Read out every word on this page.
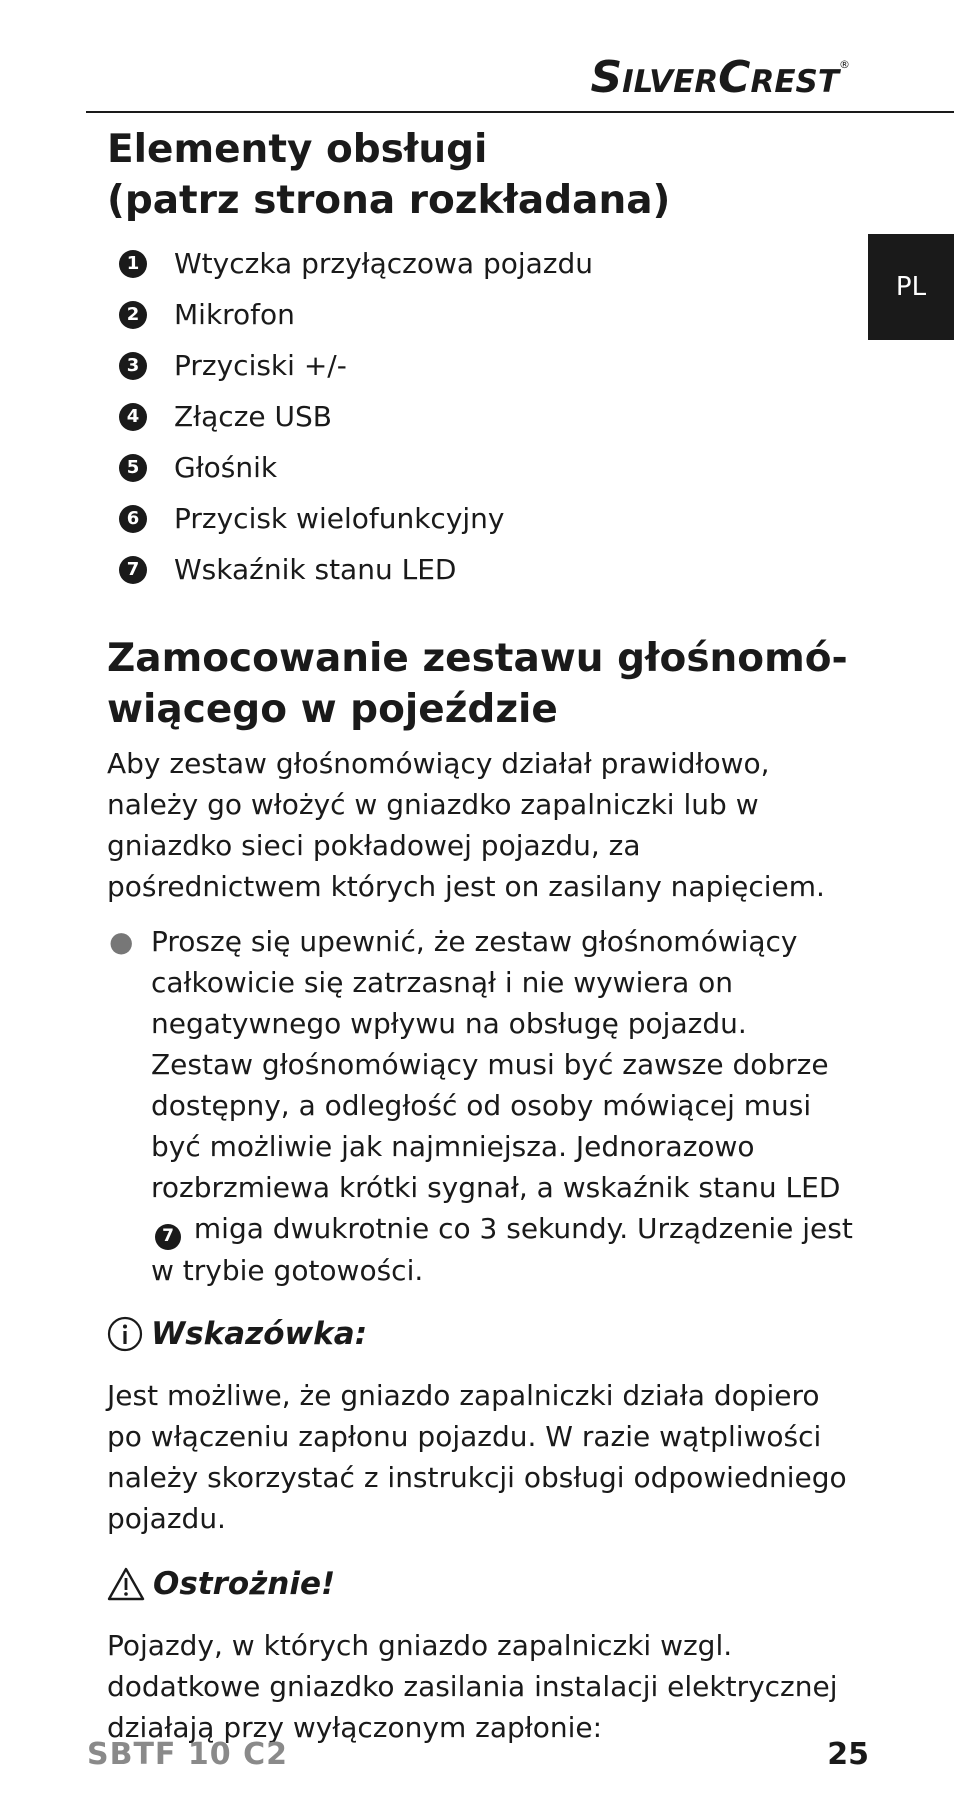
SilverCrest®
PL
Elementy obsługi
(patrz strona rozkładana)
1 Wtyczka przyłączowa pojazdu
2 Mikrofon
3 Przyciski +/-
4 Złącze USB
5 Głośnik
6 Przycisk wielofunkcyjny
7 Wskaźnik stanu LED
Zamocowanie zestawu głośnomó-
wiącego w pojeździe

Aby zestaw głośnomówiący działał prawidłowo, należy go włożyć w gniazdko zapalniczki lub w gniazdko sieci pokładowej pojazdu, za pośrednictwem których jest on zasilany napięciem.

● Proszę się upewnić, że zestaw głośnomówiący całkowicie się zatrzasnął i nie wywiera on negatywnego wpływu na obsługę pojazdu. Zestaw głośnomówiący musi być zawsze dobrze dostępny, a odległość od osoby mówiącej musi być możliwie jak najmniejsza. Jednorazowo rozbrzmiewa krótki sygnał, a wskaźnik stanu LED 7 miga dwukrotnie co 3 sekundy. Urządzenie jest w trybie gotowości.

Wskazówka:

Jest możliwe, że gniazdo zapalniczki działa dopiero po włączeniu zapłonu pojazdu. W razie wątpliwości należy skorzystać z instrukcji obsługi odpowiedniego pojazdu.

Ostrożnie!

Pojazdy, w których gniazdo zapalniczki wzgl. dodatkowe gniazdko zasilania instalacji elektrycznej działają przy wyłączonym zapłonie:

SBTF 10 C2	25
